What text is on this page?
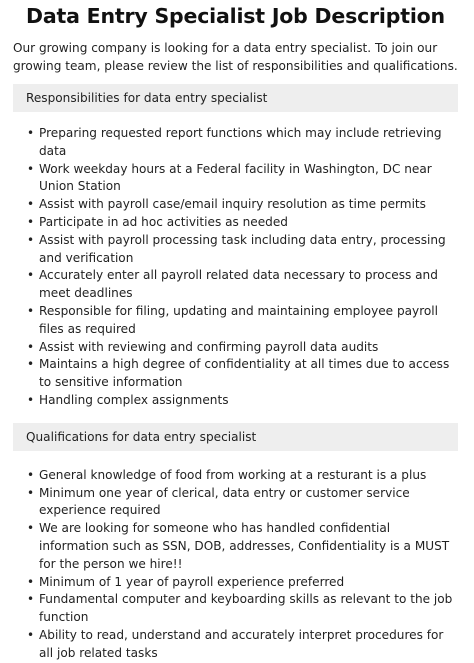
Data Entry Specialist Job Description

Our growing company is looking for a data entry specialist. To join our growing team, please review the list of responsibilities and qualifications.

Responsibilities for data entry specialist
• Preparing requested report functions which may include retrieving data
• Work weekday hours at a Federal facility in Washington, DC near Union Station
• Assist with payroll case/email inquiry resolution as time permits
• Participate in ad hoc activities as needed
• Assist with payroll processing task including data entry, processing and verification
• Accurately enter all payroll related data necessary to process and meet deadlines
• Responsible for filing, updating and maintaining employee payroll files as required
• Assist with reviewing and confirming payroll data audits
• Maintains a high degree of confidentiality at all times due to access to sensitive information
• Handling complex assignments
Qualifications for data entry specialist
• General knowledge of food from working at a resturant is a plus
• Minimum one year of clerical, data entry or customer service experience required
• We are looking for someone who has handled confidential information such as SSN, DOB, addresses, Confidentiality is a MUST for the person we hire!!
• Minimum of 1 year of payroll experience preferred
• Fundamental computer and keyboarding skills as relevant to the job function
• Ability to read, understand and accurately interpret procedures for all job related tasks
